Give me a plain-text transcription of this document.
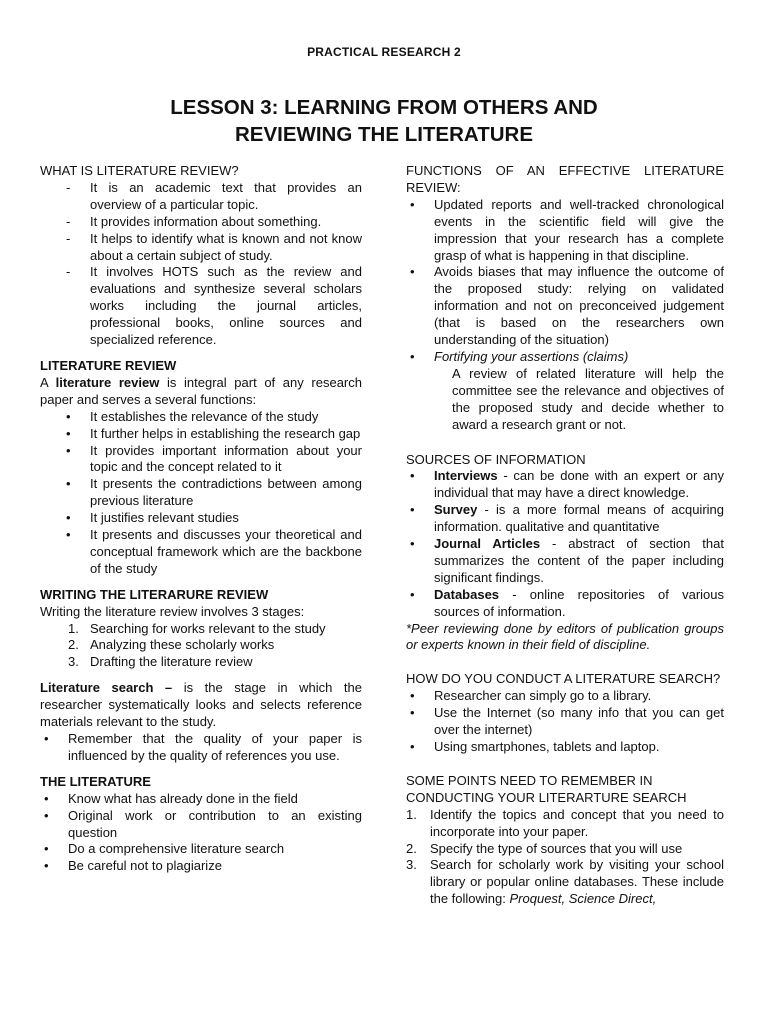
PRACTICAL RESEARCH 2
LESSON 3: LEARNING FROM OTHERS AND
REVIEWING THE LITERATURE

WHAT IS LITERATURE REVIEW?

- It is an academic text that provides an overview of a particular topic.
- It provides information about something.
- It helps to identify what is known and not know about a certain subject of study.
- It involves HOTS such as the review and evaluations and synthesize several scholars works including the journal articles, professional books, online sources and specialized reference.

LITERATURE REVIEW

A literature review is integral part of any research paper and serves a several functions:

• It establishes the relevance of the study
• It further helps in establishing the research gap
• It provides important information about your topic and the concept related to it
• It presents the contradictions between among previous literature
• It justifies relevant studies
• It presents and discusses your theoretical and conceptual framework which are the backbone of the study

WRITING THE LITERARURE REVIEW

Writing the literature review involves 3 stages:

1. Searching for works relevant to the study
2. Analyzing these scholarly works
3. Drafting the literature review

Literature search – is the stage in which the researcher systematically looks and selects reference materials relevant to the study.

• Remember that the quality of your paper is influenced by the quality of references you use.

THE LITERATURE

• Know what has already done in the field
• Original work or contribution to an existing question
• Do a comprehensive literature search
• Be careful not to plagiarize

FUNCTIONS OF AN EFFECTIVE LITERATURE REVIEW:

• Updated reports and well-tracked chronological events in the scientific field will give the impression that your research has a complete grasp of what is happening in that discipline.
• Avoids biases that may influence the outcome of the proposed study: relying on validated information and not on preconceived judgement (that is based on the researchers own understanding of the situation)
• Fortifying your assertions (claims)

A review of related literature will help the committee see the relevance and objectives of the proposed study and decide whether to award a research grant or not.

SOURCES OF INFORMATION

• Interviews - can be done with an expert or any individual that may have a direct knowledge.
• Survey - is a more formal means of acquiring information. qualitative and quantitative
• Journal Articles - abstract of section that summarizes the content of the paper including significant findings.
• Databases - online repositories of various sources of information.

*Peer reviewing done by editors of publication groups or experts known in their field of discipline.

HOW DO YOU CONDUCT A LITERATURE SEARCH?

• Researcher can simply go to a library.
• Use the Internet (so many info that you can get over the internet)
• Using smartphones, tablets and laptop.

SOME POINTS NEED TO REMEMBER IN CONDUCTING YOUR LITERARTURE SEARCH

1. Identify the topics and concept that you need to incorporate into your paper.
2. Specify the type of sources that you will use
3. Search for scholarly work by visiting your school library or popular online databases. These include the following: Proquest, Science Direct,
